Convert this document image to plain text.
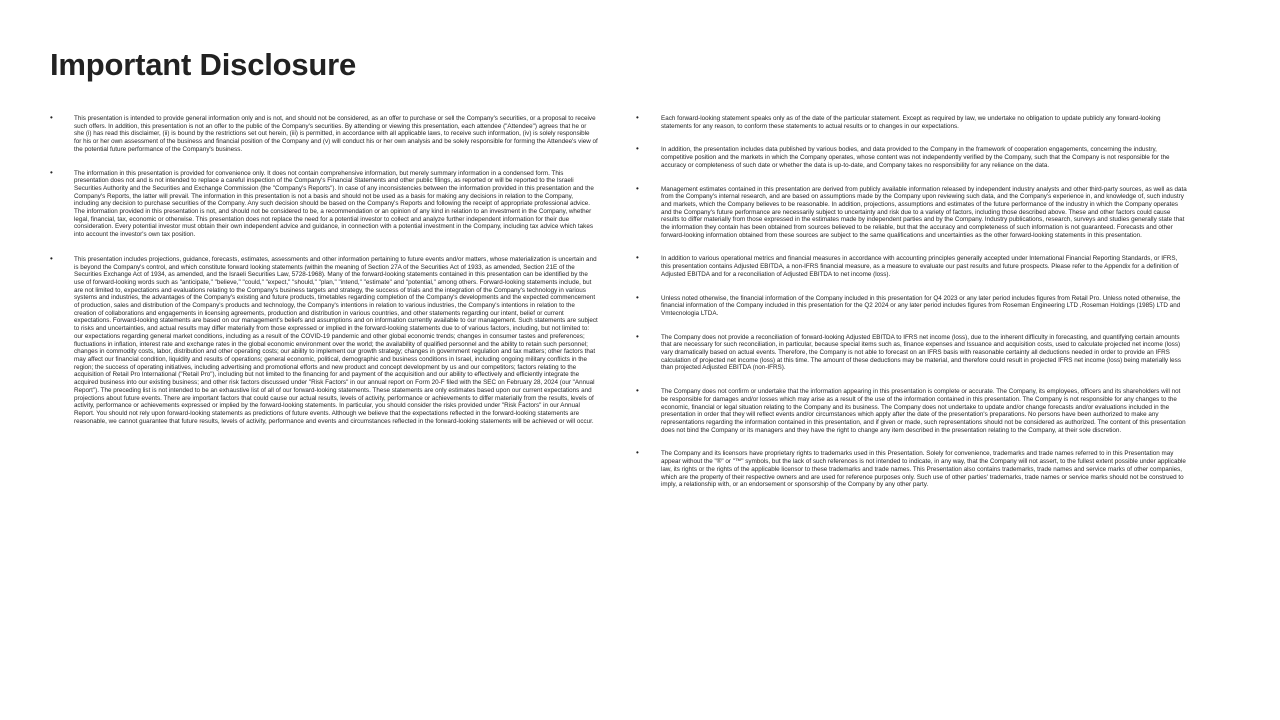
Important Disclosure
•	This presentation is intended to provide general information only and is not, and should not be considered, as an offer to purchase or sell the Company's securities, or a proposal to receive such offers. In addition, this presentation is not an offer to the public of the Company's securities. By attending or viewing this presentation, each attendee ("Attendee") agrees that he or she (i) has read this disclaimer, (ii) is bound by the restrictions set out herein, (iii) is permitted, in accordance with all applicable laws, to receive such information, (iv) is solely responsible for his or her own assessment of the business and financial position of the Company and (v) will conduct his or her own analysis and be solely responsible for forming the Attendee's view of the potential future performance of the Company's business.
•	The information in this presentation is provided for convenience only. It does not contain comprehensive information, but merely summary information in a condensed form. This presentation does not and is not intended to replace a careful inspection of the Company's Financial Statements and other public filings, as reported or will be reported to the Israeli Securities Authority and the Securities and Exchange Commission (the "Company's Reports"). In case of any inconsistencies between the information provided in this presentation and the Company's Reports, the latter will prevail. The information in this presentation is not a basis and should not be used as a basis for making any decisions in relation to the Company, including any decision to purchase securities of the Company. Any such decision should be based on the Company's Reports and following the receipt of appropriate professional advice. The information provided in this presentation is not, and should not be considered to be, a recommendation or an opinion of any kind in relation to an investment in the Company, whether legal, financial, tax, economic or otherwise. This presentation does not replace the need for a potential investor to collect and analyze further independent information for their due consideration. Every potential investor must obtain their own independent advice and guidance, in connection with a potential investment in the Company, including tax advice which takes into account the investor's own tax position.
•	This presentation includes projections, guidance, forecasts, estimates, assessments and other information pertaining to future events and/or matters, whose materialization is uncertain and is beyond the Company's control, and which constitute forward looking statements (within the meaning of Section 27A of the Securities Act of 1933, as amended, Section 21E of the Securities Exchange Act of 1934, as amended, and the Israeli Securities Law, 5728-1968). Many of the forward-looking statements contained in this presentation can be identified by the use of forward-looking words such as "anticipate," "believe," "could," "expect," "should," "plan," "intend," "estimate" and "potential," among others. Forward-looking statements include, but are not limited to, expectations and evaluations relating to the Company's business targets and strategy, the success of trials and the integration of the Company's technology in various systems and industries, the advantages of the Company's existing and future products, timetables regarding completion of the Company's developments and the expected commencement of production, sales and distribution of the Company's products and technology, the Company's intentions in relation to various industries, the Company's intentions in relation to the creation of collaborations and engagements in licensing agreements, production and distribution in various countries, and other statements regarding our intent, belief or current expectations. Forward-looking statements are based on our management's beliefs and assumptions and on information currently available to our management. Such statements are subject to risks and uncertainties, and actual results may differ materially from those expressed or implied in the forward-looking statements due to of various factors, including, but not limited to: our expectations regarding general market conditions, including as a result of the COVID-19 pandemic and other global economic trends; changes in consumer tastes and preferences; fluctuations in inflation, interest rate and exchange rates in the global economic environment over the world; the availability of qualified personnel and the ability to retain such personnel; changes in commodity costs, labor, distribution and other operating costs; our ability to implement our growth strategy; changes in government regulation and tax matters; other factors that may affect our financial condition, liquidity and results of operations; general economic, political, demographic and business conditions in Israel, including ongoing military conflicts in the region; the success of operating initiatives, including advertising and promotional efforts and new product and concept development by us and our competitors; factors relating to the acquisition of Retail Pro International ("Retail Pro"), including but not limited to the financing for and payment of the acquisition and our ability to effectively and efficiently integrate the acquired business into our existing business; and other risk factors discussed under "Risk Factors" in our annual report on Form 20-F filed with the SEC on February 28, 2024 (our "Annual Report"). The preceding list is not intended to be an exhaustive list of all of our forward-looking statements. These statements are only estimates based upon our current expectations and projections about future events. There are important factors that could cause our actual results, levels of activity, performance or achievements to differ materially from the results, levels of activity, performance or achievements expressed or implied by the forward-looking statements. In particular, you should consider the risks provided under "Risk Factors" in our Annual Report. You should not rely upon forward-looking statements as predictions of future events. Although we believe that the expectations reflected in the forward-looking statements are reasonable, we cannot guarantee that future results, levels of activity, performance and events and circumstances reflected in the forward-looking statements will be achieved or will occur.
•	Each forward-looking statement speaks only as of the date of the particular statement. Except as required by law, we undertake no obligation to update publicly any forward-looking statements for any reason, to conform these statements to actual results or to changes in our expectations.
•	In addition, the presentation includes data published by various bodies, and data provided to the Company in the framework of cooperation engagements, concerning the industry, competitive position and the markets in which the Company operates, whose content was not independently verified by the Company, such that the Company is not responsible for the accuracy or completeness of such date or whether the data is up-to-date, and Company takes no responsibility for any reliance on the data.
•	Management estimates contained in this presentation are derived from publicly available information released by independent industry analysts and other third-party sources, as well as data from the Company's internal research, and are based on assumptions made by the Company upon reviewing such data, and the Company's experience in, and knowledge of, such industry and markets, which the Company believes to be reasonable. In addition, projections, assumptions and estimates of the future performance of the industry in which the Company operates and the Company's future performance are necessarily subject to uncertainty and risk due to a variety of factors, including those described above. These and other factors could cause results to differ materially from those expressed in the estimates made by independent parties and by the Company. Industry publications, research, surveys and studies generally state that the information they contain has been obtained from sources believed to be reliable, but that the accuracy and completeness of such information is not guaranteed. Forecasts and other forward-looking information obtained from these sources are subject to the same qualifications and uncertainties as the other forward-looking statements in this presentation.
•	In addition to various operational metrics and financial measures in accordance with accounting principles generally accepted under International Financial Reporting Standards, or IFRS, this presentation contains Adjusted EBITDA, a non-IFRS financial measure, as a measure to evaluate our past results and future prospects. Please refer to the Appendix for a definition of Adjusted EBITDA and for a reconciliation of Adjusted EBITDA to net income (loss).
•	Unless noted otherwise, the financial information of the Company included in this presentation for Q4 2023 or any later period includes figures from Retail Pro. Unless noted otherwise, the financial information of the Company included in this presentation for the Q2 2024 or any later period includes figures from Roseman Engineering LTD ,Roseman Holdings (1985) LTD and Vmtecnologia LTDA.
•	The Company does not provide a reconciliation of forward-looking Adjusted EBITDA to IFRS net income (loss), due to the inherent difficulty in forecasting, and quantifying certain amounts that are necessary for such reconciliation, in particular, because special items such as, finance expenses and Issuance and acquisition costs, used to calculate projected net income (loss) vary dramatically based on actual events. Therefore, the Company is not able to forecast on an IFRS basis with reasonable certainty all deductions needed in order to provide an IFRS calculation of projected net income (loss) at this time. The amount of these deductions may be material, and therefore could result in projected IFRS net income (loss) being materially less than projected Adjusted EBITDA (non-IFRS).
•	The Company does not confirm or undertake that the information appearing in this presentation is complete or accurate. The Company, its employees, officers and its shareholders will not be responsible for damages and/or losses which may arise as a result of the use of the information contained in this presentation. The Company is not responsible for any changes to the economic, financial or legal situation relating to the Company and its business. The Company does not undertake to update and/or change forecasts and/or evaluations included in the presentation in order that they will reflect events and/or circumstances which apply after the date of the presentation's preparations. No persons have been authorized to make any representations regarding the information contained in this presentation, and if given or made, such representations should not be considered as authorized. The content of this presentation does not bind the Company or its managers and they have the right to change any item described in the presentation relating to the Company, at their sole discretion.
•	The Company and its licensors have proprietary rights to trademarks used in this Presentation. Solely for convenience, trademarks and trade names referred to in this Presentation may appear without the "®" or "™" symbols, but the lack of such references is not intended to indicate, in any way, that the Company will not assert, to the fullest extent possible under applicable law, its rights or the rights of the applicable licensor to these trademarks and trade names. This Presentation also contains trademarks, trade names and service marks of other companies, which are the property of their respective owners and are used for reference purposes only. Such use of other parties' trademarks, trade names or service marks should not be construed to imply, a relationship with, or an endorsement or sponsorship of the Company by any other party.
